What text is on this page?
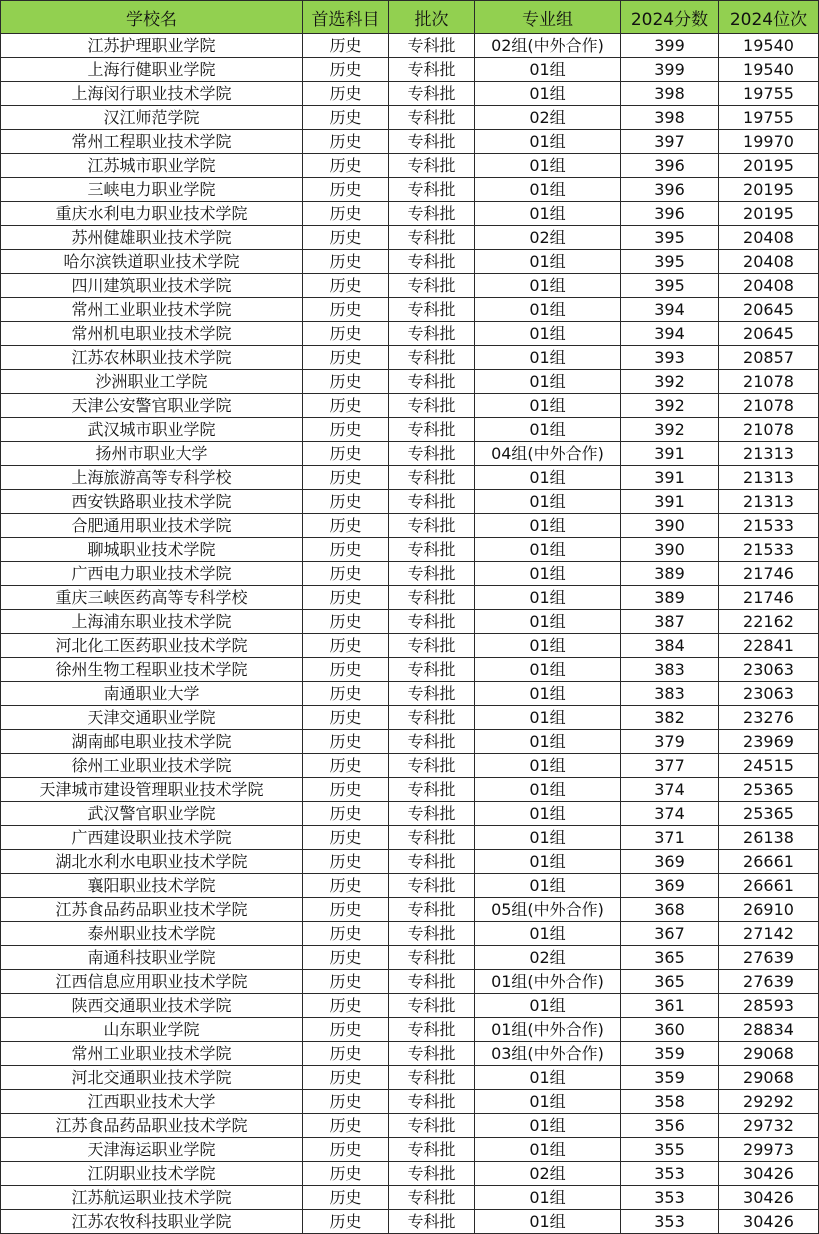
学校名	首选科目	批次	专业组	2024分数	2024位次
江苏护理职业学院	历史	专科批	02组(中外合作)	399	19540
上海行健职业学院	历史	专科批	01组	399	19540
上海闵行职业技术学院	历史	专科批	01组	398	19755
汉江师范学院	历史	专科批	02组	398	19755
常州工程职业技术学院	历史	专科批	01组	397	19970
江苏城市职业学院	历史	专科批	01组	396	20195
三峡电力职业学院	历史	专科批	01组	396	20195
重庆水利电力职业技术学院	历史	专科批	01组	396	20195
苏州健雄职业技术学院	历史	专科批	02组	395	20408
哈尔滨铁道职业技术学院	历史	专科批	01组	395	20408
四川建筑职业技术学院	历史	专科批	01组	395	20408
常州工业职业技术学院	历史	专科批	01组	394	20645
常州机电职业技术学院	历史	专科批	01组	394	20645
江苏农林职业技术学院	历史	专科批	01组	393	20857
沙洲职业工学院	历史	专科批	01组	392	21078
天津公安警官职业学院	历史	专科批	01组	392	21078
武汉城市职业学院	历史	专科批	01组	392	21078
扬州市职业大学	历史	专科批	04组(中外合作)	391	21313
上海旅游高等专科学校	历史	专科批	01组	391	21313
西安铁路职业技术学院	历史	专科批	01组	391	21313
合肥通用职业技术学院	历史	专科批	01组	390	21533
聊城职业技术学院	历史	专科批	01组	390	21533
广西电力职业技术学院	历史	专科批	01组	389	21746
重庆三峡医药高等专科学校	历史	专科批	01组	389	21746
上海浦东职业技术学院	历史	专科批	01组	387	22162
河北化工医药职业技术学院	历史	专科批	01组	384	22841
徐州生物工程职业技术学院	历史	专科批	01组	383	23063
南通职业大学	历史	专科批	01组	383	23063
天津交通职业学院	历史	专科批	01组	382	23276
湖南邮电职业技术学院	历史	专科批	01组	379	23969
徐州工业职业技术学院	历史	专科批	01组	377	24515
天津城市建设管理职业技术学院	历史	专科批	01组	374	25365
武汉警官职业学院	历史	专科批	01组	374	25365
广西建设职业技术学院	历史	专科批	01组	371	26138
湖北水利水电职业技术学院	历史	专科批	01组	369	26661
襄阳职业技术学院	历史	专科批	01组	369	26661
江苏食品药品职业技术学院	历史	专科批	05组(中外合作)	368	26910
泰州职业技术学院	历史	专科批	01组	367	27142
南通科技职业学院	历史	专科批	02组	365	27639
江西信息应用职业技术学院	历史	专科批	01组(中外合作)	365	27639
陕西交通职业技术学院	历史	专科批	01组	361	28593
山东职业学院	历史	专科批	01组(中外合作)	360	28834
常州工业职业技术学院	历史	专科批	03组(中外合作)	359	29068
河北交通职业技术学院	历史	专科批	01组	359	29068
江西职业技术大学	历史	专科批	01组	358	29292
江苏食品药品职业技术学院	历史	专科批	01组	356	29732
天津海运职业学院	历史	专科批	01组	355	29973
江阴职业技术学院	历史	专科批	02组	353	30426
江苏航运职业技术学院	历史	专科批	01组	353	30426
江苏农牧科技职业学院	历史	专科批	01组	353	30426
